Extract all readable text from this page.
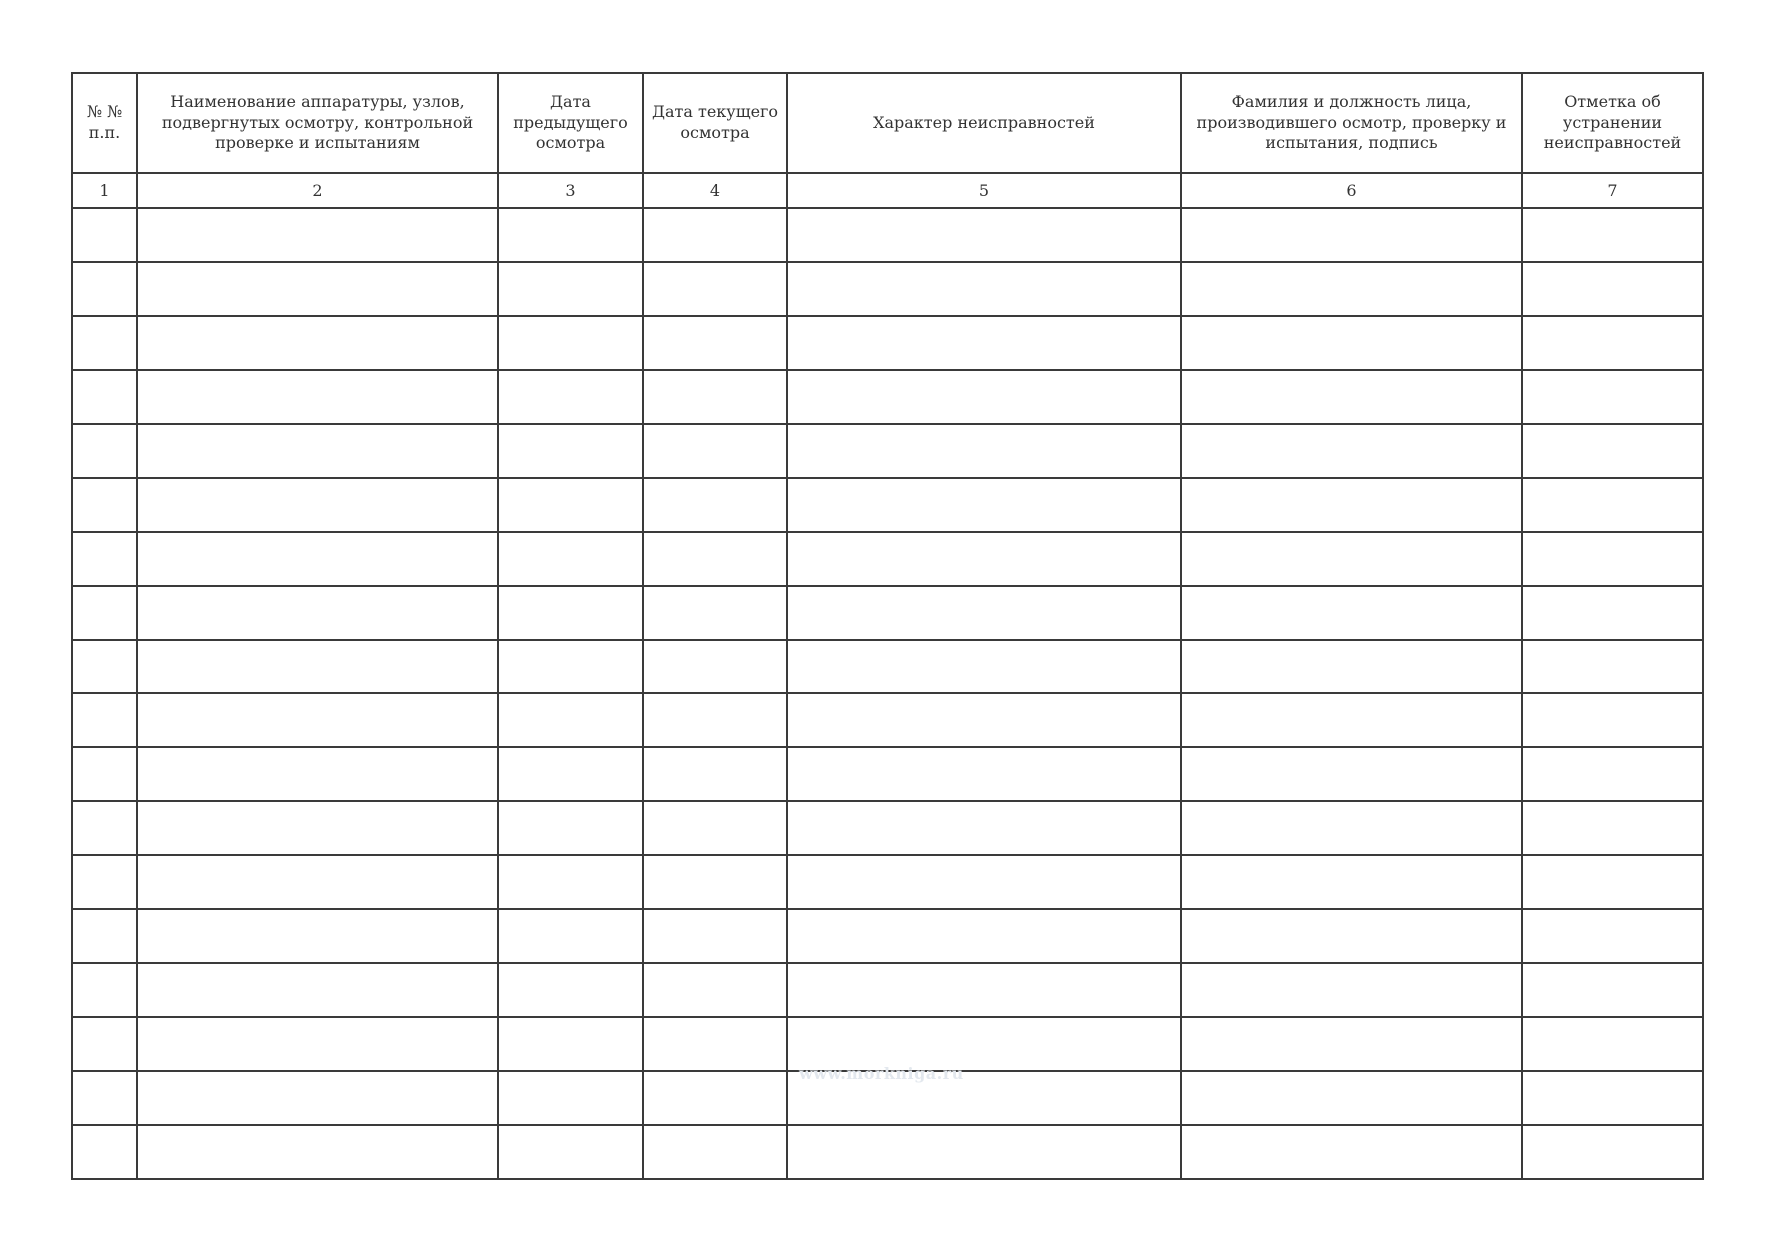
№ № п.п.	Наименование аппаратуры, узлов, подвергнутых осмотру, контрольной проверке и испытаниям	Дата предыдущего осмотра	Дата текущего осмотра	Характер неисправностей	Фамилия и должность лица, производившего осмотр, проверку и испытания, подпись	Отметка об устранении неисправностей
1	2	3	4	5	6	7

www.morkniga.ru
